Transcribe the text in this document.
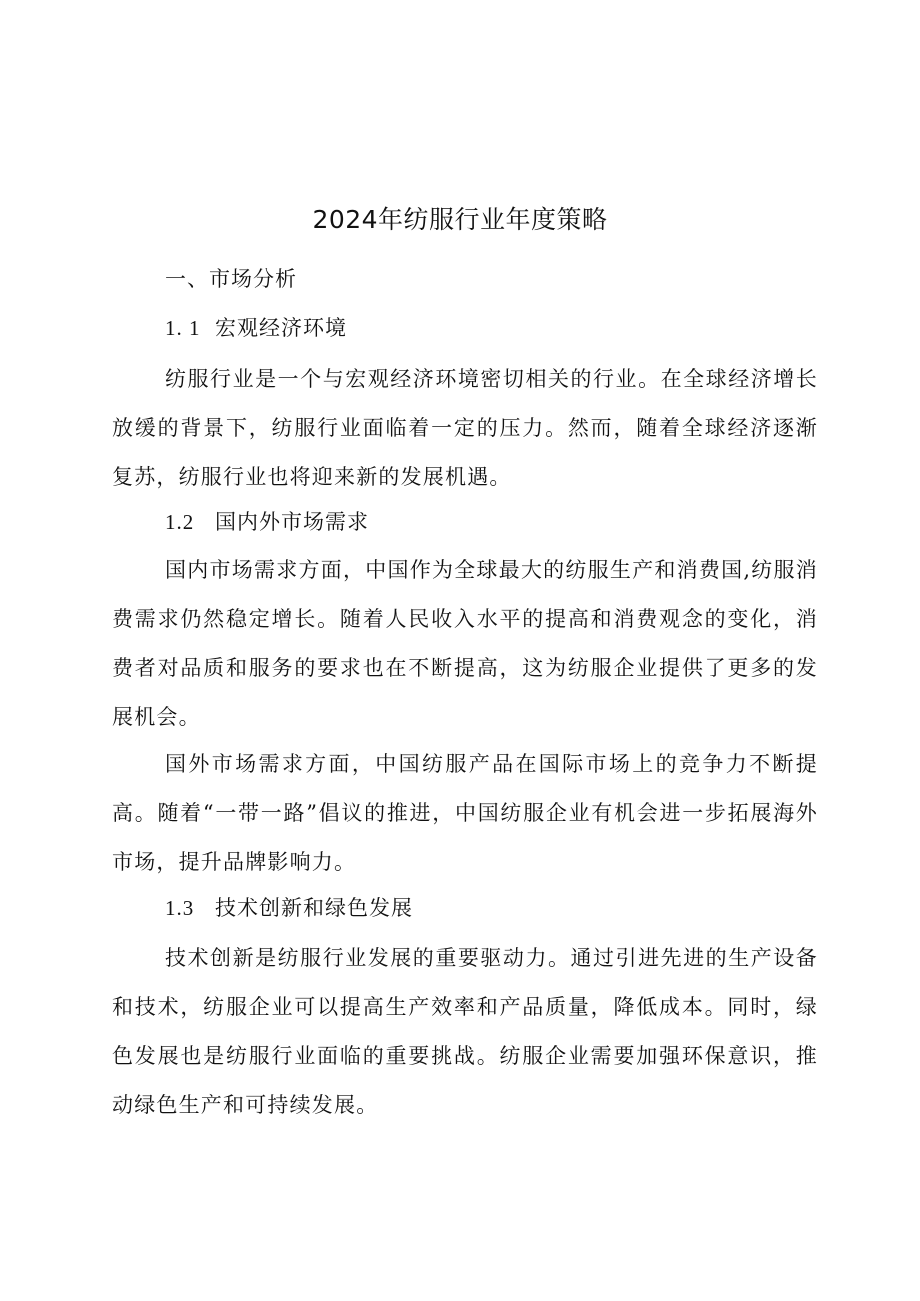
2024年纺服行业年度策略
一、市场分析
1. 1 宏观经济环境

纺服行业是一个与宏观经济环境密切相关的行业。在全球经济增长放缓的背景下，纺服行业面临着一定的压力。然而，随着全球经济逐渐复苏，纺服行业也将迎来新的发展机遇。

1.2 国内外市场需求

国内市场需求方面，中国作为全球最大的纺服生产和消费国,纺服消费需求仍然稳定增长。随着人民收入水平的提高和消费观念的变化，消费者对品质和服务的要求也在不断提高，这为纺服企业提供了更多的发展机会。

国外市场需求方面，中国纺服产品在国际市场上的竞争力不断提高。随着“一带一路”倡议的推进，中国纺服企业有机会进一步拓展海外市场，提升品牌影响力。

1.3 技术创新和绿色发展

技术创新是纺服行业发展的重要驱动力。通过引进先进的生产设备和技术，纺服企业可以提高生产效率和产品质量，降低成本。同时，绿色发展也是纺服行业面临的重要挑战。纺服企业需要加强环保意识，推动绿色生产和可持续发展。
